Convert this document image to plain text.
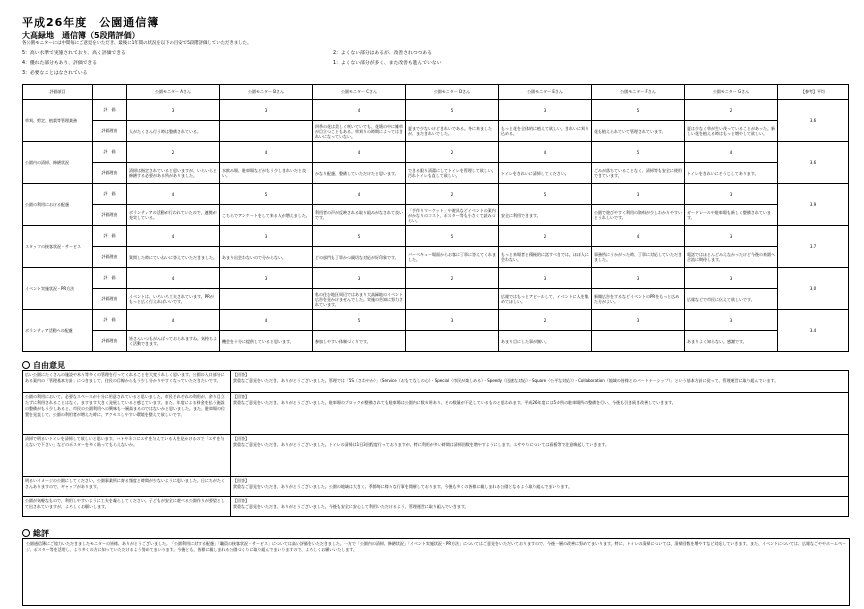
平成26年度　公園通信簿
大高緑地　通信簿（5段階評価）
各公園モニターには中間毎にご意見をいただき、最後に1年間の状況を以下の目安で5段階評価していただきました。
5：高い水準で実施されており、高く評価できる
4：優れた部分もあり、評価できる
3：必要なことはなされている
2：よくない部分はあるが、改善されつつある
1：よくない部分が多く、また改善も進んでいない
評価項目		公園モニター Aさん	公園モニター Bさん	公園モニター Cさん	公園モニター Dさん	公園モニター Eさん	公園モニター Fさん	公園モニター Gさん	【参考】平均
草刈、剪定、植栽等管理業務	評　価	3	3	4	5	3	5	2	3.6
	評価理由	人がたくさん行う時は整備されている。		四季の花は美しく咲いていても、花壇の中に雑草が目立つこともある。草刈りの時期によってはきれいになっていない。	夏まで少ないけどきれいである。冬に来ましたが、まだきれいでした。	もっと花を全体的に植えて欲しい。きれいに刈り込める。	花も植えられていて管理されています。	夏は少なく草が生い茂っていることがあった。新しい花を植える時はもっと増やして欲しい。	
公園内の清掃、修繕状況	評　価	2	4	4	2	4	5	4	3.6
	評価理由	清掃は指定されていると思いますが、いらいらと修繕する必要がある所がありました。	水飲み場、駐車場などがもう少しきれいだと良い。	かなり配慮、整備していただけたと思います。	できる限り清潔にしてトイレを管理して欲しい。汚れトイレも直して欲しい。	トイレをきれいに清掃してください。	ごみが落ちていることなく、清掃等も安全に使用できています。	トイレをきれいにそうじしてあります。	
公園の利用における配慮	評　価	4	5	4	2	5	3	3	3.9
	評価理由	ボランティアの活動が行われていたので、連携が充実している。	こちらでアンケートをして来る人が増えました。	利用者の声が反映される取り組みがなされて良いです。	「手作りマーケット」や遊具などイベントの案内がかなりのコスト、ポスター等も小さくて読みづらい。	安全に利用できます。	公園で遊びやすく利用の資料が少しわかりやすいとうれしいです。	ガードレールや駐車場も新しく整備されています。	
スタッフの接客状況・サービス	評　価	4	3	5	5	2	4	3	3.7
	評価理由	質問した時にていねいに答えていただきました。	あまり出会わないので分からない。	どの部門も丁寧かつ親切な対応が好印象です。	バーベキュー場面からお客に丁寧に答えてくれました。	もっと来場者と積極的に話すべきでは。ほぼ人に会わない。	事務所にうかがった時、丁寧に対応していただきました。	電話ではほとんどみえなかったけど今後の来園へ合流に期待します。	
イベント実施状況・PR方法	評　価	4	3	3	2	3	3	3	3.0
	評価理由	イベントは、いろいろ工夫されています。PRがもっと広く行えればいいです。		私の住む地区周辺ではあまり大高緑地のイベント広告を見かけませんでした。実施の告知に努力されています。		広報ではもっとアピールして、イベントに人を集めてほしい。	新聞広告をするなどイベントのPRをもっと広めた方がよい。	広報などで市民に伝えて欲しいです。	
ボランティア活動への配慮	評　価	4	4	5	3	2	3	3	3.4
	評価理由	皆さんいつもがんばっておられますね。気持ちよく活動できます。	機会を十分に提供していると思います。	参加しやすい体制づくりです。		あまり目にした事が無い。		あまりよく知らない。感謝です。	
自由意見
広い公園にたくさんの施設や木々等多くの管理を行ってくれることを大変うれしく思います。公園の入口部分にある案内の「管理基本方針」につきまして、住民の目線からもう少し分かりやすくなっていただきたいです。	【回答】
貴重なご意見をいただき、ありがとうございました。管理では「5S（さわやか）」（Service（おもてなしの心）・Special（市民が楽しめる）・Speedy（迅速な対応）・Square（公平な対応））・Collaboration（地域の皆様とのパートナーシップ）」という基本方針に従って、管理運営に取り組んでいます。

公園の利用において、必要なスペースが十分に用意されていると思いました。市民それぞれの利用が、余り目立たずに利用されることはなく、ますます大きく発展していると感じています。また、年度による料金を払う施設の整備がもう少しあると、市民の公園利用への興味も一層高まるのではないかと思いました。また、駐車場の位置を見直して、公園の利用者が増えた時に、アクセスしやすい環境を整えて欲しいです。	【回答】
貴重なご意見をいただき、ありがとうございました。駐車場のブロックが整備されても駐車場は公園内に数カ所あり、その数量が不足しているものと思われます。平成26年度には5カ所の駐車場所の整備を行い、今後も引き続き改善していきます。

清掃で明るいトイレを清掃して欲しいと思います。ハトやネコにエサを与えている人を見かけるので「エサを与えないで下さい」などのポスターを多く貼ってもらえないか。	【回答】
貴重なご意見をいただき、ありがとうございました。トイレの清掃は1日3回程度行っておりますが、特に利用が多い時間は清掃回数を増やすようにします。エサやりについては看板等で注意喚起していきます。

明るいイメージの公園にしてください。公園事業所に寄る頻度と時間が少ないように思いました。日にちがたくさんありますので、ギャップがあります。	【回答】
貴重なご意見をいただき、ありがとうございました。公園の地域は大きく、季節毎に様々な行事を開催しております。今後も多くの皆様に親しまれる公園となるよう取り組んでまいります。

公園が気軽なもので、利用しやすいように工夫を凝らしてください。子どもが安全に遊べる公園作りが要望として出されていますが、よろしくお願いします。	【回答】
貴重なご意見をいただき、ありがとうございました。今後も安全に安心して利用いただけるよう、管理運営に取り組んでいきます。
総評
公園通信簿にご協力いただきましたモニターの皆様、ありがとうございました。「公園利用に対する配慮」「職員の接客状況・サービス」については高い評価をいただきました。一方で「公園内の清掃、修繕状況」「イベント実施状況・PR方法」についてはご意見をいただいておりますので、今後一層の改善に努めてまいります。特に、トイレの清掃については、清掃回数を増やすなど対応していきます。また、イベントについては、広報なごややホームページ、ポスター等を活用し、より多くの方に知っていただけるよう努めてまいります。今後とも、皆様に親しまれる公園づくりに取り組んでまいりますので、よろしくお願いいたします。
